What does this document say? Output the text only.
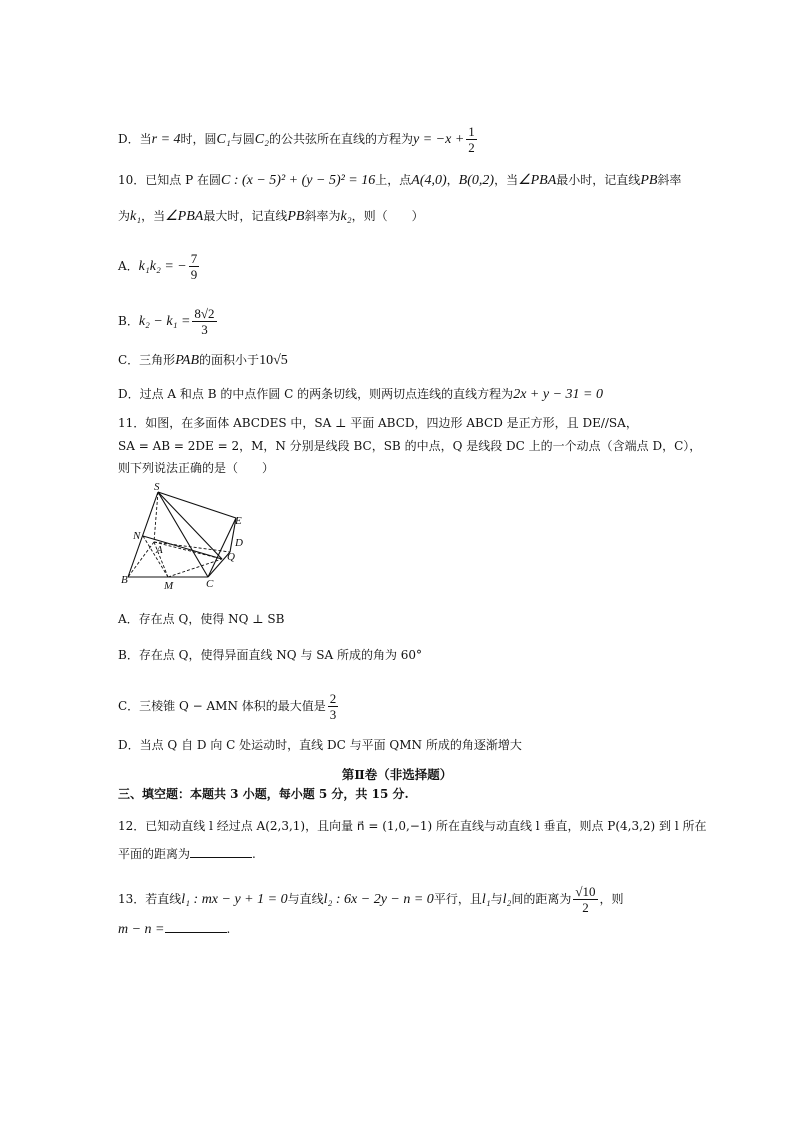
D．当r = 4时，圆C₁与圆C₂的公共弦所在直线的方程为$y = -x + \frac{1}{2}$
10．已知点 P 在圆C : (x − 5)² + (y − 5)² = 16上，点A(4,0)，B(0,2)，当∠PBA最小时，记直线PB斜率
为k₁，当∠PBA最大时，记直线PB斜率为k₂，则（　　）
A．k₁k₂ = − $\frac{7}{9}$
B．$k_2 - k_1 = \frac{8√2}{3}$
C．三角形PAB的面积小于10√5
D．过点 A 和点 B 的中点作圆 C 的两条切线，则两切点连线的直线方程为2x + y − 31 = 0
11．如图，在多面体 ABCDES 中，SA ⊥ 平面 ABCD，四边形 ABCD 是正方形，且 DE//SA，
SA = AB = 2DE = 2，M，N 分别是线段 BC，SB 的中点，Q 是线段 DC 上的一个动点（含端点 D，C），
则下列说法正确的是（　　）
S
E
N
A
D
Q
B	M	C
A．存在点 Q，使得 NQ ⊥ SB
B．存在点 Q，使得异面直线 NQ 与 SA 所成的角为 60°
C．三棱锥 Q − AMN 体积的最大值是 $\frac{2}{3}$
D．当点 Q 自 D 向 C 处运动时，直线 DC 与平面 QMN 所成的角逐渐增大
第Ⅱ卷（非选择题）
三、填空题：本题共 3 小题，每小题 5 分，共 15 分.
12．已知动直线 l 经过点 A(2,3,1)，且向量 n⃗ = (1,0,−1) 所在直线与动直线 l 垂直，则点 P(4,3,2) 到 l 所在
平面的距离为	.
13．若直线l₁ : mx − y + 1 = 0与直线l₂ : 6x − 2y − n = 0平行，且l₁与l₂间的距离为 $\frac{√10}{2}$ ，则
m − n =	.
